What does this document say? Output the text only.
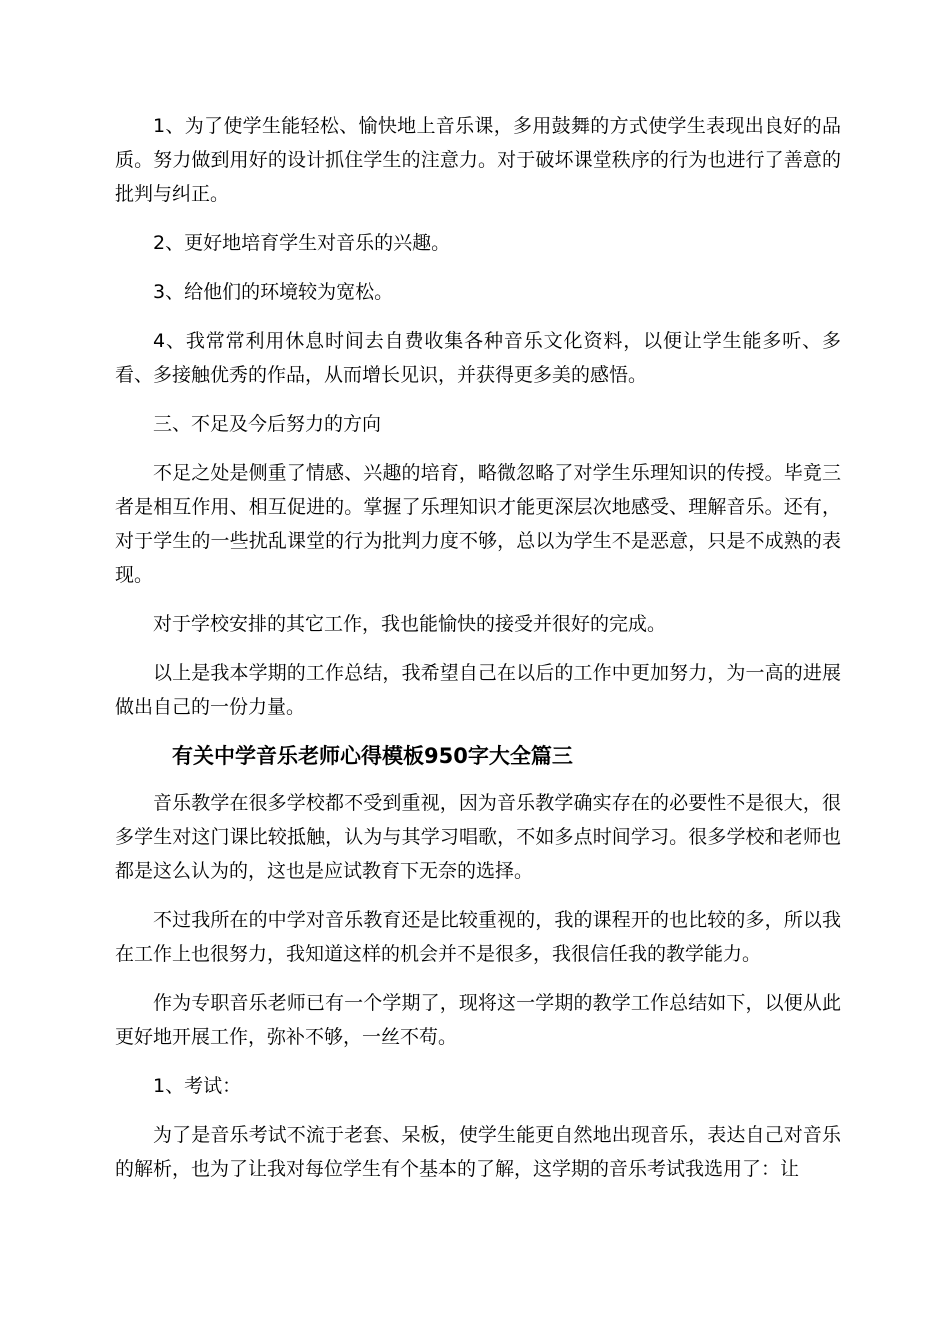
1、为了使学生能轻松、愉快地上音乐课，多用鼓舞的方式使学生表现出良好的品质。努力做到用好的设计抓住学生的注意力。对于破坏课堂秩序的行为也进行了善意的批判与纠正。

2、更好地培育学生对音乐的兴趣。

3、给他们的环境较为宽松。

4、我常常利用休息时间去自费收集各种音乐文化资料，以便让学生能多听、多看、多接触优秀的作品，从而增长见识，并获得更多美的感悟。

三、不足及今后努力的方向

不足之处是侧重了情感、兴趣的培育，略微忽略了对学生乐理知识的传授。毕竟三者是相互作用、相互促进的。掌握了乐理知识才能更深层次地感受、理解音乐。还有，对于学生的一些扰乱课堂的行为批判力度不够，总以为学生不是恶意，只是不成熟的表现。

对于学校安排的其它工作，我也能愉快的接受并很好的完成。

以上是我本学期的工作总结，我希望自己在以后的工作中更加努力，为一高的进展做出自己的一份力量。

有关中学音乐老师心得模板950字大全篇三

音乐教学在很多学校都不受到重视，因为音乐教学确实存在的必要性不是很大，很多学生对这门课比较抵触，认为与其学习唱歌，不如多点时间学习。很多学校和老师也都是这么认为的，这也是应试教育下无奈的选择。

不过我所在的中学对音乐教育还是比较重视的，我的课程开的也比较的多，所以我在工作上也很努力，我知道这样的机会并不是很多，我很信任我的教学能力。

作为专职音乐老师已有一个学期了，现将这一学期的教学工作总结如下，以便从此更好地开展工作，弥补不够，一丝不苟。

1、考试：

为了是音乐考试不流于老套、呆板，使学生能更自然地出现音乐，表达自己对音乐的解析，也为了让我对每位学生有个基本的了解，这学期的音乐考试我选用了：让
